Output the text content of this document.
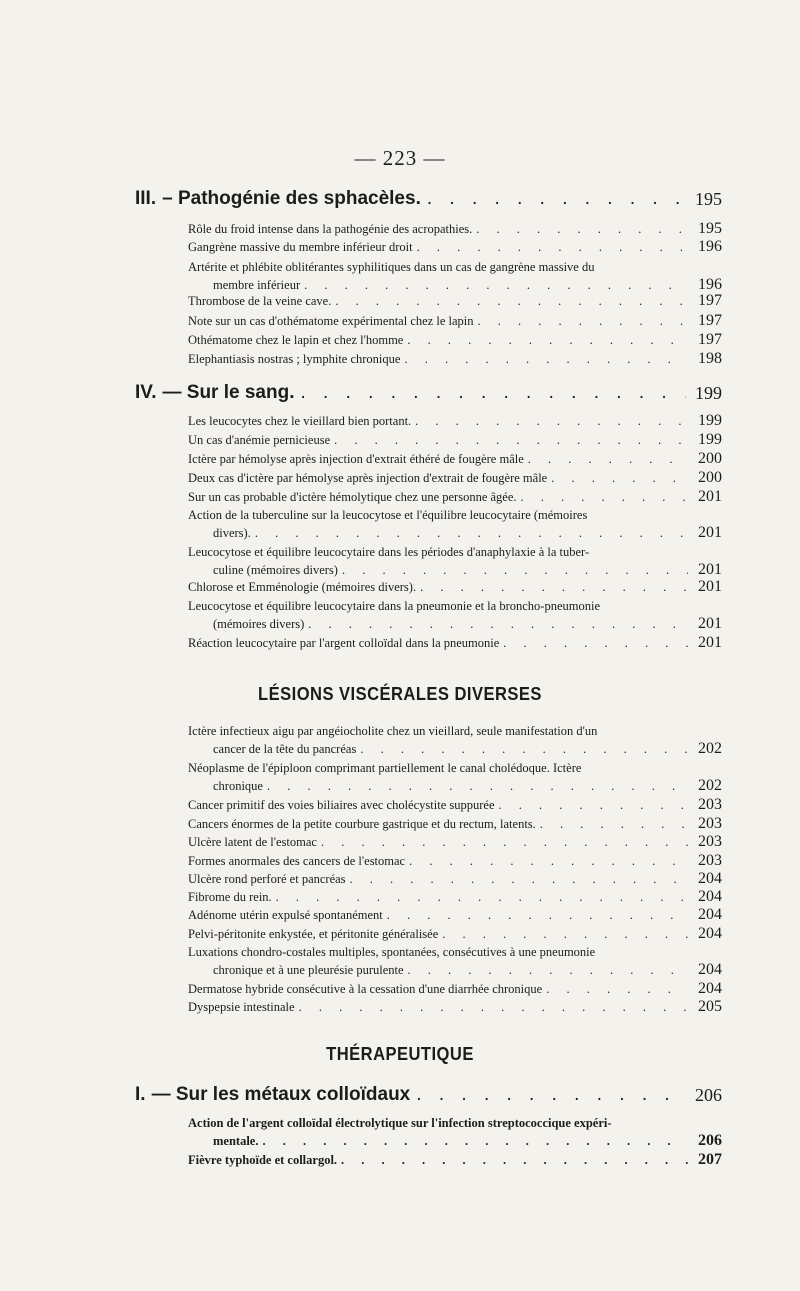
— 223 —
III. – Pathogénie des sphacèles. . . .	195
Rôle du froid intense dans la pathogénie des acropathies. . . .	195
Gangrène massive du membre inférieur droit . . .	196
Artérite et phlébite oblitérantes syphilitiques dans un cas de gangrène massive du
membre inférieur . . .	196
Thrombose de la veine cave. . . .	197
Note sur un cas d'othématome expérimental chez le lapin . . .	197
Othématome chez le lapin et chez l'homme . . .	197
Elephantiasis nostras ; lymphite chronique . . .	198
IV. — Sur le sang. . . .	199
Les leucocytes chez le vieillard bien portant. . . .	199
Un cas d'anémie pernicieuse . . .	199
Ictère par hémolyse après injection d'extrait éthéré de fougère mâle . . .	200
Deux cas d'ictère par hémolyse après injection d'extrait de fougère mâle . . .	200
Sur un cas probable d'ictère hémolytique chez une personne âgée. . . .	201
Action de la tuberculine sur la leucocytose et l'équilibre leucocytaire (mémoires
divers). . . .	201
Leucocytose et équilibre leucocytaire dans les périodes d'anaphylaxie à la tuber-
culine (mémoires divers) . . .	201
Chlorose et Emménologie (mémoires divers). . . .	201
Leucocytose et équilibre leucocytaire dans la pneumonie et la broncho-pneumonie
(mémoires divers) . . .	201
Réaction leucocytaire par l'argent colloïdal dans la pneumonie . . .	201
LÉSIONS VISCÉRALES DIVERSES
Ictère infectieux aigu par angéiocholite chez un vieillard, seule manifestation d'un
cancer de la tête du pancréas . . .	202
Néoplasme de l'épiploon comprimant partiellement le canal cholédoque. Ictère
chronique . . .	202
Cancer primitif des voies biliaires avec cholécystite suppurée . . .	203
Cancers énormes de la petite courbure gastrique et du rectum, latents. . . .	203
Ulcère latent de l'estomac . . .	203
Formes anormales des cancers de l'estomac . . .	203
Ulcère rond perforé et pancréas . . .	204
Fibrome du rein. . . .	204
Adénome utérin expulsé spontanément . . .	204
Pelvi-péritonite enkystée, et péritonite généralisée . . .	204
Luxations chondro-costales multiples, spontanées, consécutives à une pneumonie
chronique et à une pleurésie purulente . . .	204
Dermatose hybride consécutive à la cessation d'une diarrhée chronique . . .	204
Dyspepsie intestinale . . .	205
THÉRAPEUTIQUE
I. — Sur les métaux colloïdaux . . .	206
Action de l'argent colloïdal électrolytique sur l'infection streptococcique expéri-
mentale. . . .	206
Fièvre typhoïde et collargol. . . .	207
